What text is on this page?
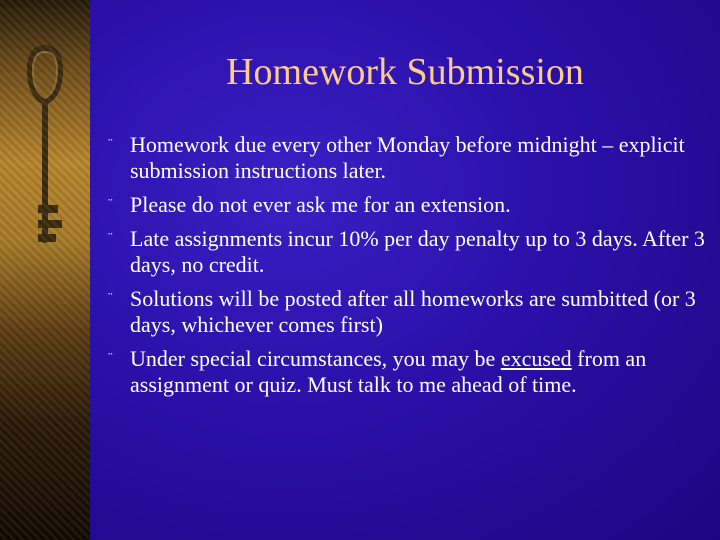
Homework Submission
¨ Homework due every other Monday before midnight – explicit submission instructions later.
¨ Please do not ever ask me for an extension.
¨ Late assignments incur 10% per day penalty up to 3 days. After 3 days, no credit.
¨ Solutions will be posted after all homeworks are sumbitted (or 3 days, whichever comes first)
¨ Under special circumstances, you may be excused from an assignment or quiz. Must talk to me ahead of time.
